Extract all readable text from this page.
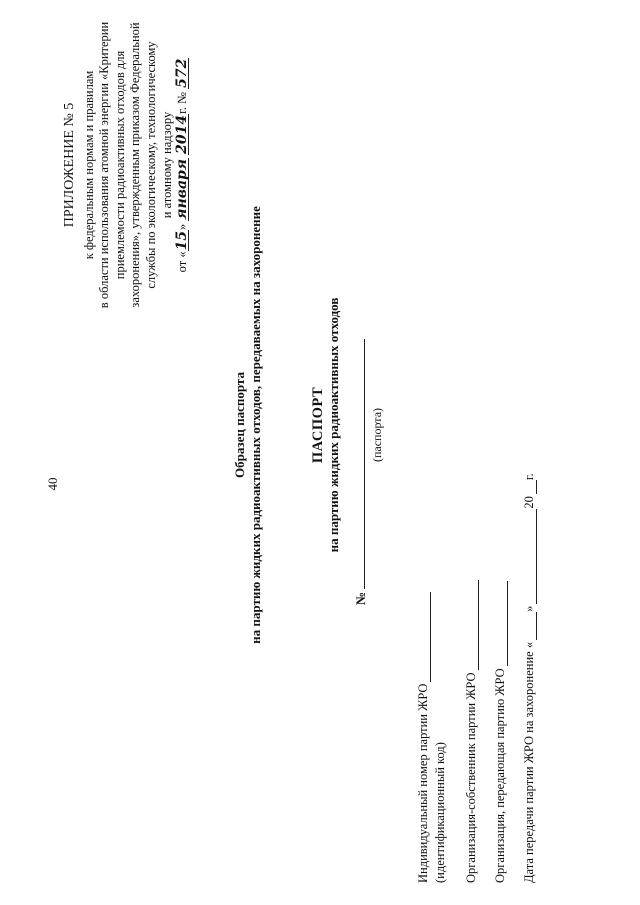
40
ПРИЛОЖЕНИЕ № 5 к федеральным нормам и правилам в области использования атомной энергии «Критерии приемлемости радиоактивных отходов для захоронения», утвержденным приказом Федеральной службы по экологическому, технологическому и атомному надзору
от «15» января 2014г. № 572
Образец паспорта на партию жидких радиоактивных отходов, передаваемых на захоронение	ПАСПОРТ на партию жидких радиоактивных отходов
№
(паспорта)
Индивидуальный номер партии ЖРО (идентификационный код) Организация-собственник партии ЖРО Организация, передающая партию ЖРО Дата передачи партии ЖРО на захоронение «
»
20
г.
